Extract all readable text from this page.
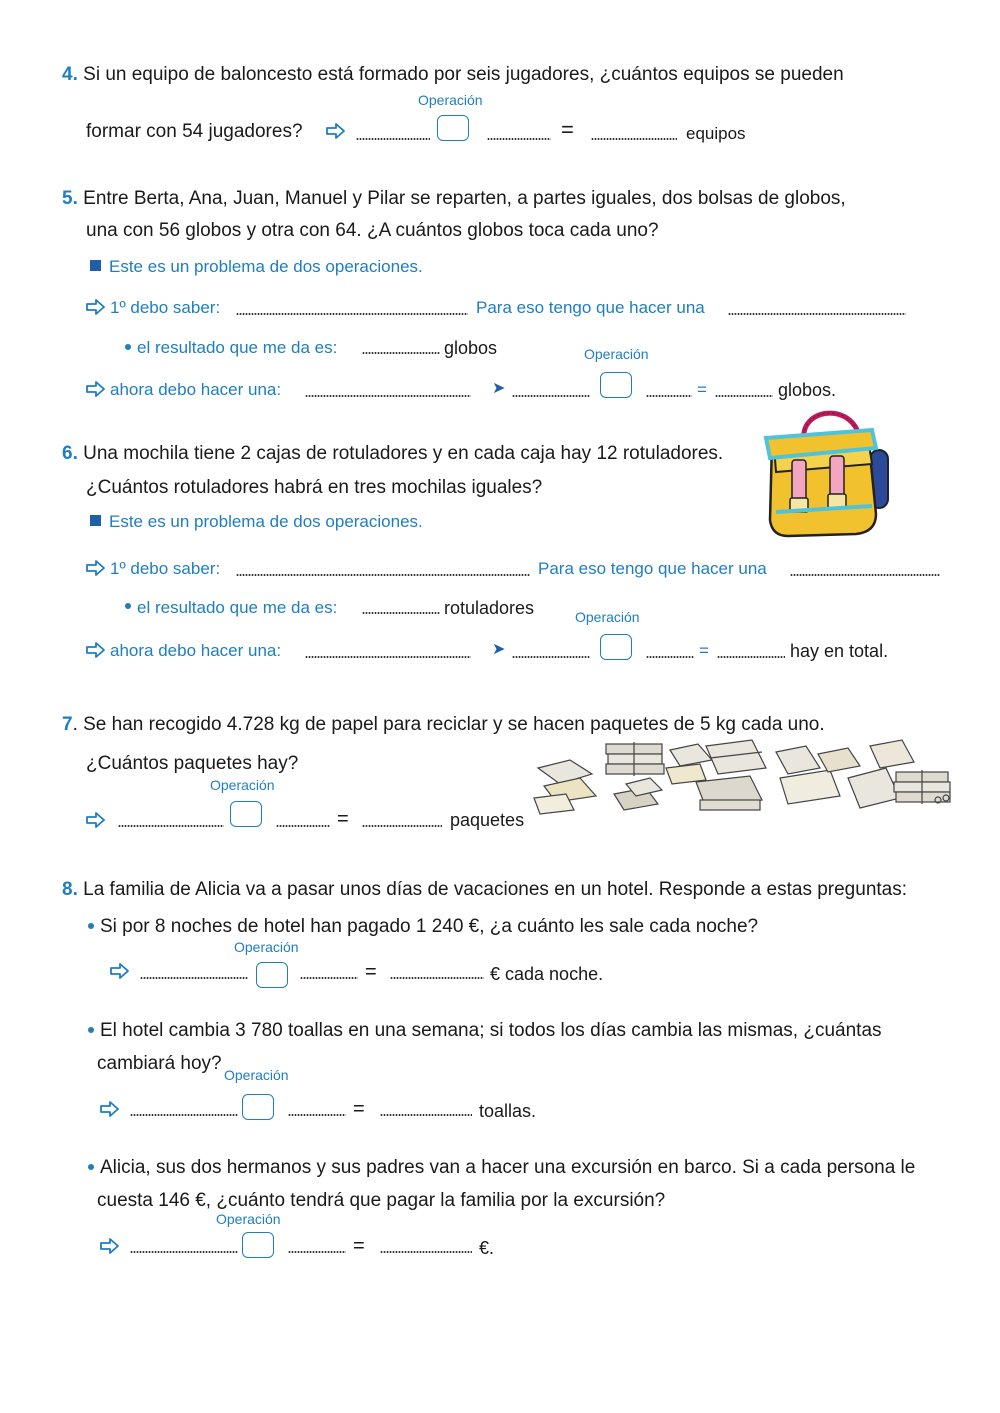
4. Si un equipo de baloncesto está formado por seis jugadores, ¿cuántos equipos se pueden
Operación
formar con 54 jugadores?	=	equipos
5. Entre Berta, Ana, Juan, Manuel y Pilar se reparten, a partes iguales, dos bolsas de globos,
una con 56 globos y otra con 64. ¿A cuántos globos toca cada uno?
Este es un problema de dos operaciones.
1º debo saber:	Para eso tengo que hacer una
el resultado que me da es:	globos	Operación
ahora debo hacer una:	➤	=	globos.
6. Una mochila tiene 2 cajas de rotuladores y en cada caja hay 12 rotuladores.
¿Cuántos rotuladores habrá en tres mochilas iguales?
Este es un problema de dos operaciones.
1º debo saber:	Para eso tengo que hacer una
el resultado que me da es:	rotuladores	Operación
ahora debo hacer una:	➤	=	hay en total.
7. Se han recogido 4.728 kg de papel para reciclar y se hacen paquetes de 5 kg cada uno.
¿Cuántos paquetes hay?
Operación
=	paquetes
8. La familia de Alicia va a pasar unos días de vacaciones en un hotel. Responde a estas preguntas:
Si por 8 noches de hotel han pagado 1 240 €, ¿a cuánto les sale cada noche?
Operación
=	€ cada noche.
El hotel cambia 3 780 toallas en una semana; si todos los días cambia las mismas, ¿cuántas
cambiará hoy?
Operación
=	toallas.
Alicia, sus dos hermanos y sus padres van a hacer una excursión en barco. Si a cada persona le
cuesta 146 €, ¿cuánto tendrá que pagar la familia por la excursión?
Operación
=	€.
